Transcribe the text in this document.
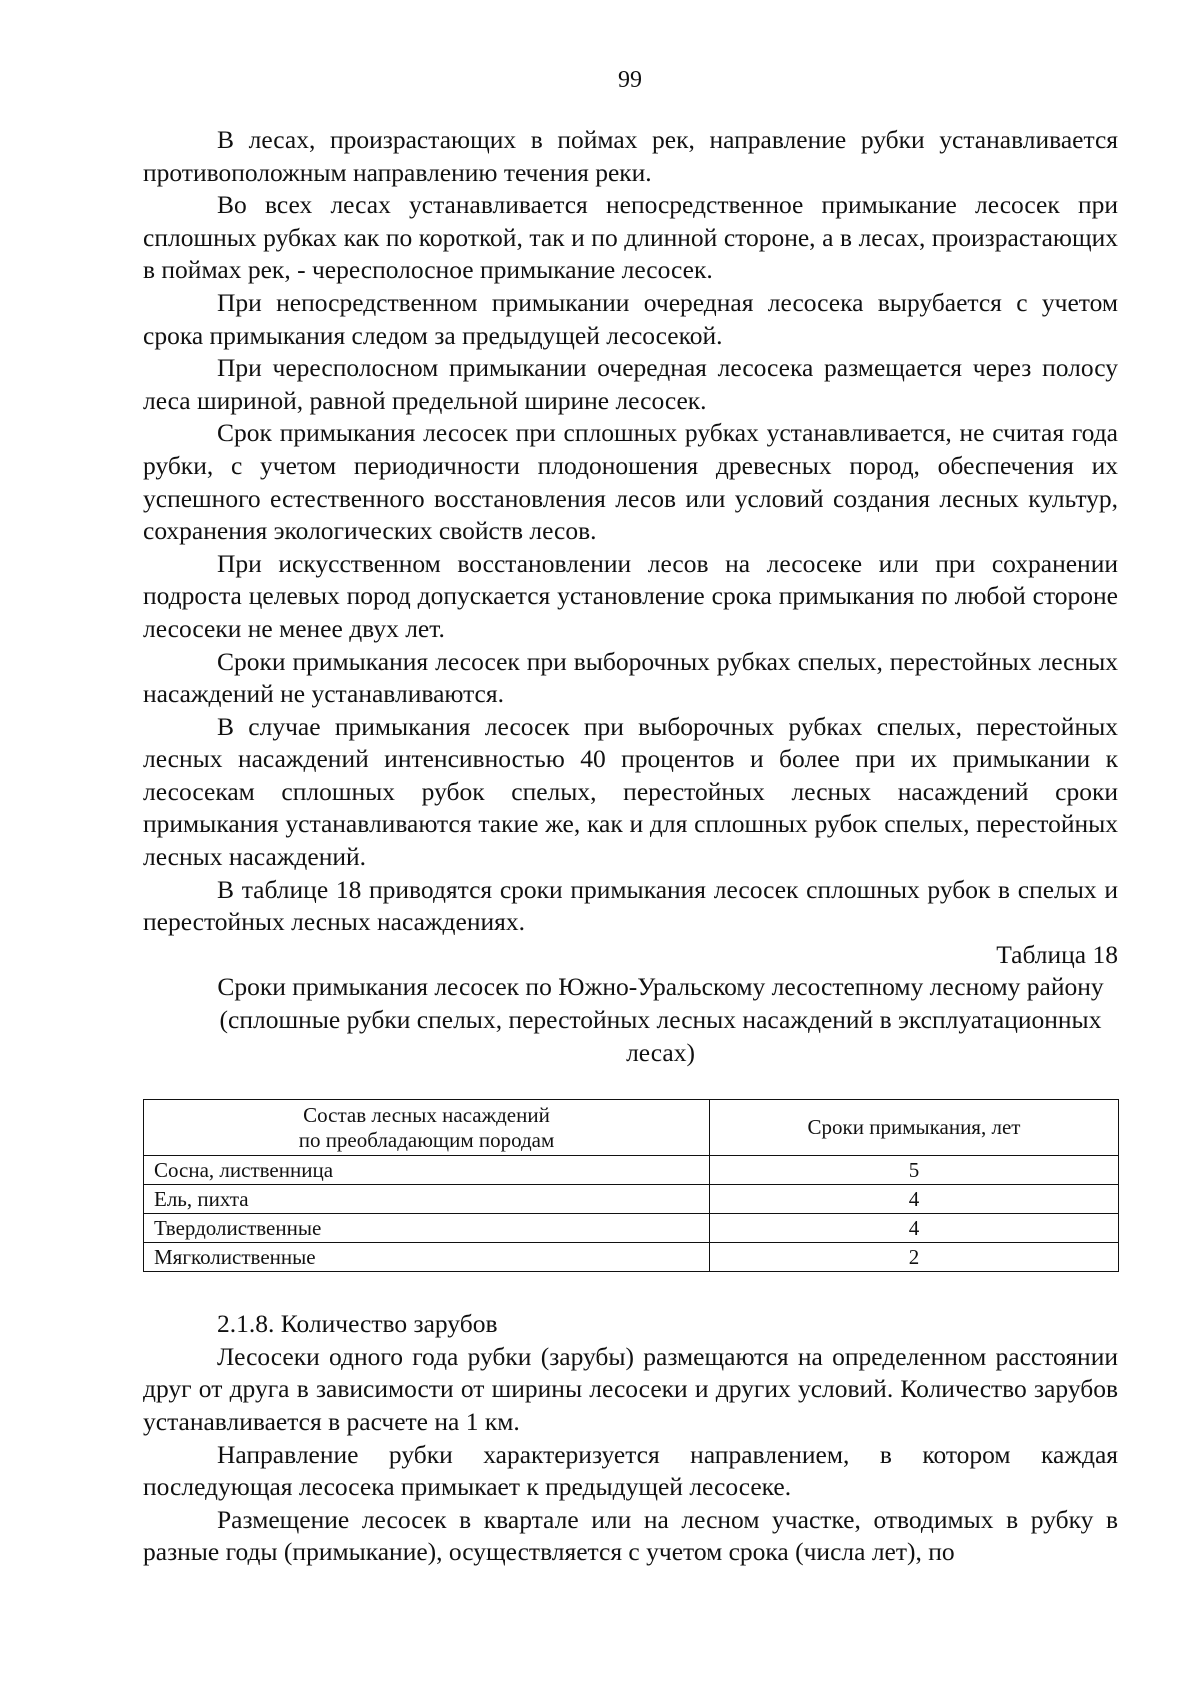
99

В лесах, произрастающих в поймах рек, направление рубки устанавливается противоположным направлению течения реки.

Во всех лесах устанавливается непосредственное примыкание лесосек при сплошных рубках как по короткой, так и по длинной стороне, а в лесах, произрастающих в поймах рек, - чересполосное примыкание лесосек.

При непосредственном примыкании очередная лесосека вырубается с учетом срока примыкания следом за предыдущей лесосекой.

При чересполосном примыкании очередная лесосека размещается через полосу леса шириной, равной предельной ширине лесосек.

Срок примыкания лесосек при сплошных рубках устанавливается, не считая года рубки, с учетом периодичности плодоношения древесных пород, обеспечения их успешного естественного восстановления лесов или условий создания лесных культур, сохранения экологических свойств лесов.

При искусственном восстановлении лесов на лесосеке или при сохранении подроста целевых пород допускается установление срока примыкания по любой стороне лесосеки не менее двух лет.

Сроки примыкания лесосек при выборочных рубках спелых, перестойных лесных насаждений не устанавливаются.

В случае примыкания лесосек при выборочных рубках спелых, перестойных лесных насаждений интенсивностью 40 процентов и более при их примыкании к лесосекам сплошных рубок спелых, перестойных лесных насаждений сроки примыкания устанавливаются такие же, как и для сплошных рубок спелых, перестойных лесных насаждений.

В таблице 18 приводятся сроки примыкания лесосек сплошных рубок в спелых и перестойных лесных насаждениях.

Таблица 18

Сроки примыкания лесосек по Южно-Уральскому лесостепному лесному району (сплошные рубки спелых, перестойных лесных насаждений в эксплуатационных лесах)

Состав лесных насаждений
по преобладающим породам	Сроки примыкания, лет
Сосна, лиственница	5
Ель, пихта	4
Твердолиственные	4
Мягколиственные	2

2.1.8. Количество зарубов

Лесосеки одного года рубки (зарубы) размещаются на определенном расстоянии друг от друга в зависимости от ширины лесосеки и других условий. Количество зарубов устанавливается в расчете на 1 км.

Направление рубки характеризуется направлением, в котором каждая последующая лесосека примыкает к предыдущей лесосеке.

Размещение лесосек в квартале или на лесном участке, отводимых в рубку в разные годы (примыкание), осуществляется с учетом срока (числа лет), по
